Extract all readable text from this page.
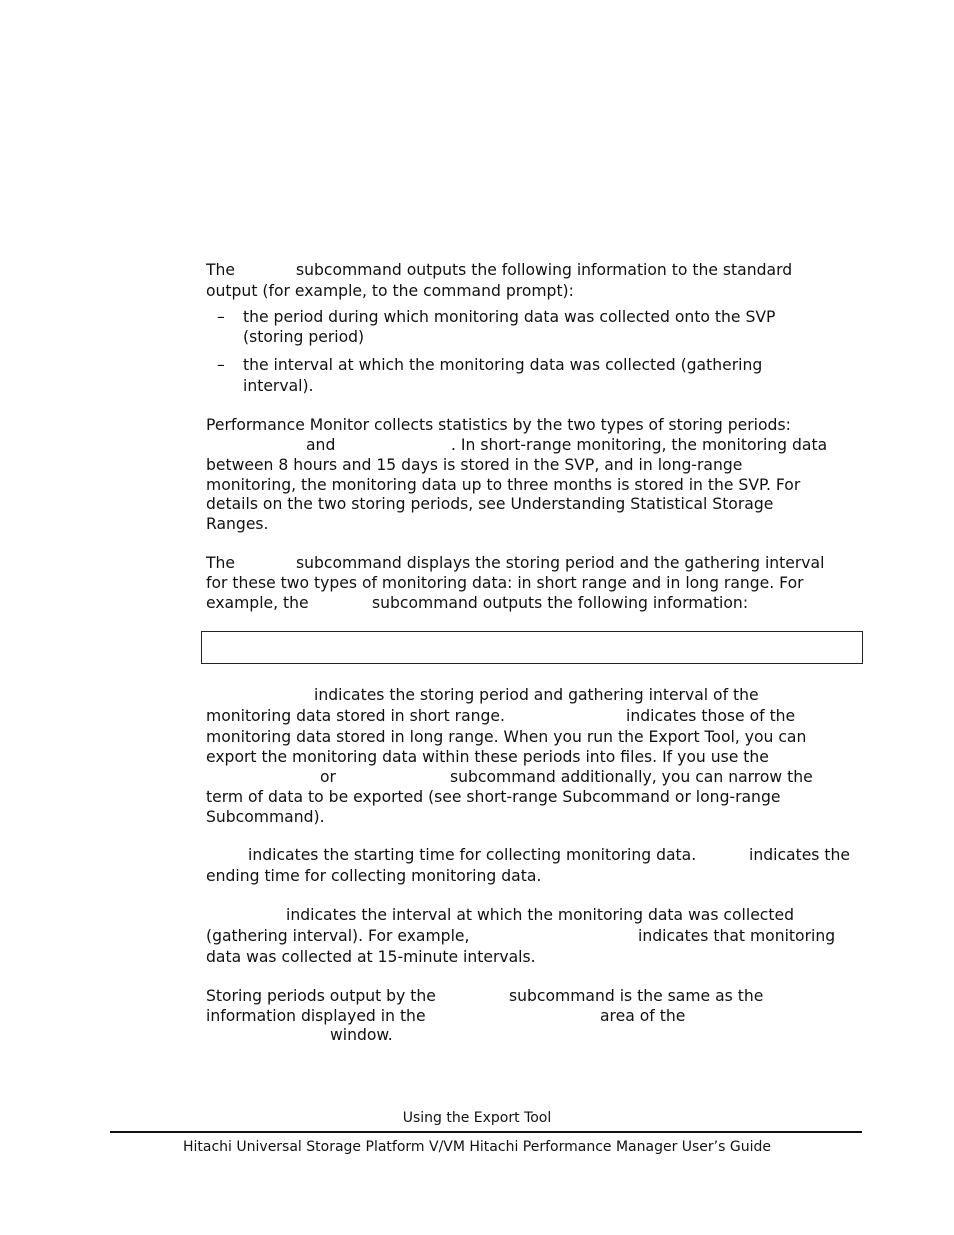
The	subcommand outputs the following information to the standard
output (for example, to the command prompt):
– the period during which monitoring data was collected onto the SVP
(storing period)
– the interval at which the monitoring data was collected (gathering
interval).
Performance Monitor collects statistics by the two types of storing periods:
and	. In short-range monitoring, the monitoring data
between 8 hours and 15 days is stored in the SVP, and in long-range
monitoring, the monitoring data up to three months is stored in the SVP. For
details on the two storing periods, see Understanding Statistical Storage
Ranges.
The	subcommand displays the storing period and the gathering interval
for these two types of monitoring data: in short range and in long range. For
example, the	subcommand outputs the following information:
indicates the storing period and gathering interval of the
monitoring data stored in short range.	indicates those of the
monitoring data stored in long range. When you run the Export Tool, you can
export the monitoring data within these periods into files. If you use the
or	subcommand additionally, you can narrow the
term of data to be exported (see short-range Subcommand or long-range
Subcommand).
indicates the starting time for collecting monitoring data.	indicates the
ending time for collecting monitoring data.
indicates the interval at which the monitoring data was collected
(gathering interval). For example,	indicates that monitoring
data was collected at 15-minute intervals.
Storing periods output by the	subcommand is the same as the
information displayed in the	area of the
window.
Using the Export Tool
Hitachi Universal Storage Platform V/VM Hitachi Performance Manager User’s Guide
